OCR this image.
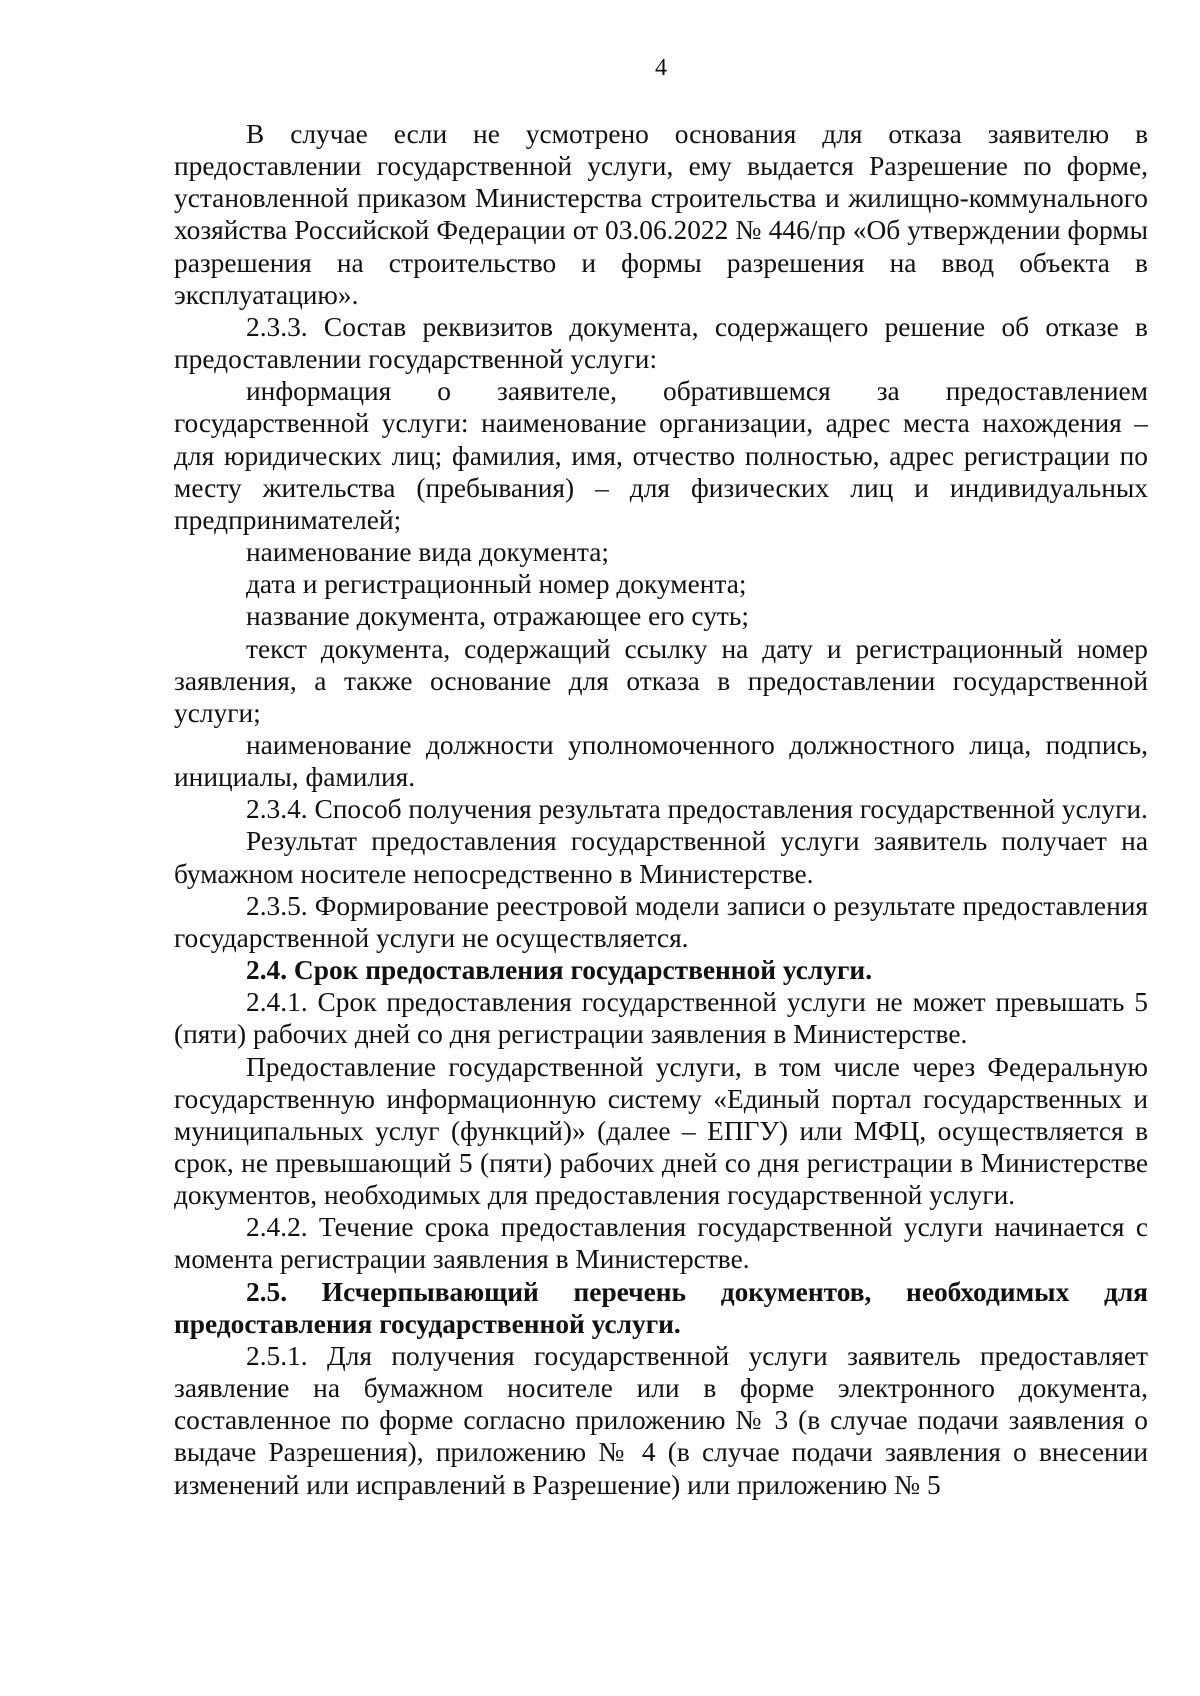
4

В случае если не усмотрено основания для отказа заявителю в предоставлении государственной услуги, ему выдается Разрешение по форме, установленной приказом Министерства строительства и жилищно-коммунального хозяйства Российской Федерации от 03.06.2022 № 446/пр «Об утверждении формы разрешения на строительство и формы разрешения на ввод объекта в эксплуатацию».

2.3.3. Состав реквизитов документа, содержащего решение об отказе в предоставлении государственной услуги:

информация о заявителе, обратившемся за предоставлением государственной услуги: наименование организации, адрес места нахождения – для юридических лиц; фамилия, имя, отчество полностью, адрес регистрации по месту жительства (пребывания) – для физических лиц и индивидуальных предпринимателей;

наименование вида документа;

дата и регистрационный номер документа;

название документа, отражающее его суть;

текст документа, содержащий ссылку на дату и регистрационный номер заявления, а также основание для отказа в предоставлении государственной услуги;

наименование должности уполномоченного должностного лица, подпись, инициалы, фамилия.

2.3.4. Способ получения результата предоставления государственной услуги.

Результат предоставления государственной услуги заявитель получает на бумажном носителе непосредственно в Министерстве.

2.3.5. Формирование реестровой модели записи о результате предоставления государственной услуги не осуществляется.

2.4. Срок предоставления государственной услуги.

2.4.1. Срок предоставления государственной услуги не может превышать 5 (пяти) рабочих дней со дня регистрации заявления в Министерстве.

Предоставление государственной услуги, в том числе через Федеральную государственную информационную систему «Единый портал государственных и муниципальных услуг (функций)» (далее – ЕПГУ) или МФЦ, осуществляется в срок, не превышающий 5 (пяти) рабочих дней со дня регистрации в Министерстве документов, необходимых для предоставления государственной услуги.

2.4.2. Течение срока предоставления государственной услуги начинается с момента регистрации заявления в Министерстве.

2.5. Исчерпывающий перечень документов, необходимых для предоставления государственной услуги.

2.5.1. Для получения государственной услуги заявитель предоставляет заявление на бумажном носителе или в форме электронного документа, составленное по форме согласно приложению № 3 (в случае подачи заявления о выдаче Разрешения), приложению № 4 (в случае подачи заявления о внесении изменений или исправлений в Разрешение) или приложению № 5
